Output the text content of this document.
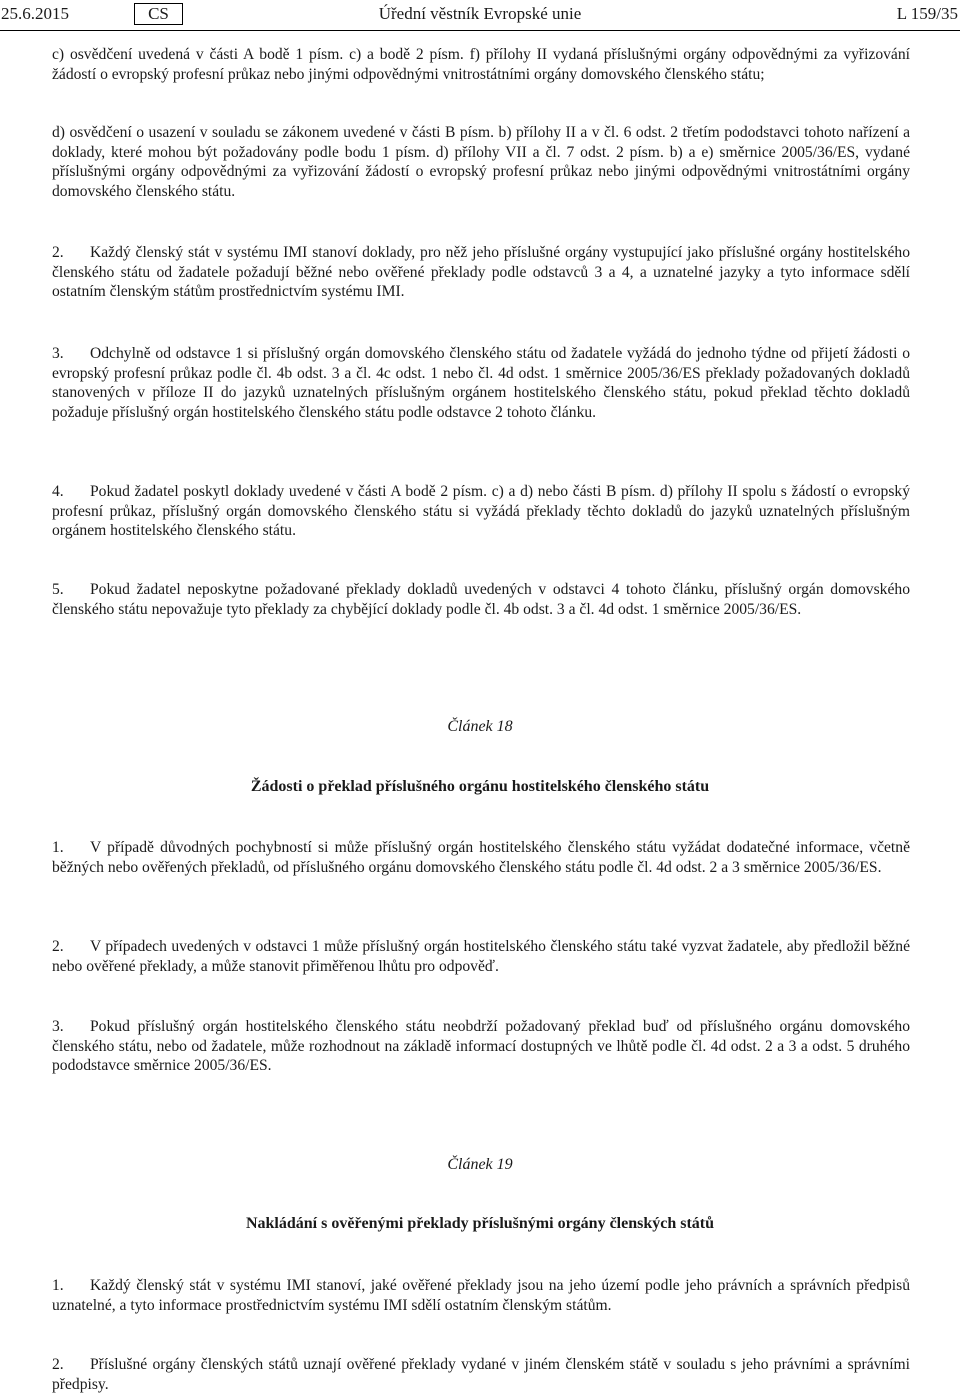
25.6.2015	CS	Úřední věstník Evropské unie	L 159/35
c) osvědčení uvedená v části A bodě 1 písm. c) a bodě 2 písm. f) přílohy II vydaná příslušnými orgány odpovědnými za vyřizování žádostí o evropský profesní průkaz nebo jinými odpovědnými vnitrostátními orgány domovského členského státu;
d) osvědčení o usazení v souladu se zákonem uvedené v části B písm. b) přílohy II a v čl. 6 odst. 2 třetím pododstavci tohoto nařízení a doklady, které mohou být požadovány podle bodu 1 písm. d) přílohy VII a čl. 7 odst. 2 písm. b) a e) směrnice 2005/36/ES, vydané příslušnými orgány odpovědnými za vyřizování žádostí o evropský profesní průkaz nebo jinými odpovědnými vnitrostátními orgány domovského členského státu.
2. Každý členský stát v systému IMI stanoví doklady, pro něž jeho příslušné orgány vystupující jako příslušné orgány hostitelského členského státu od žadatele požadují běžné nebo ověřené překlady podle odstavců 3 a 4, a uznatelné jazyky a tyto informace sdělí ostatním členským státům prostřednictvím systému IMI.
3. Odchylně od odstavce 1 si příslušný orgán domovského členského státu od žadatele vyžádá do jednoho týdne od přijetí žádosti o evropský profesní průkaz podle čl. 4b odst. 3 a čl. 4c odst. 1 nebo čl. 4d odst. 1 směrnice 2005/36/ES překlady požadovaných dokladů stanovených v příloze II do jazyků uznatelných příslušným orgánem hostitelského členského státu, pokud překlad těchto dokladů požaduje příslušný orgán hostitelského členského státu podle odstavce 2 tohoto článku.
4. Pokud žadatel poskytl doklady uvedené v části A bodě 2 písm. c) a d) nebo části B písm. d) přílohy II spolu s žádostí o evropský profesní průkaz, příslušný orgán domovského členského státu si vyžádá překlady těchto dokladů do jazyků uznatelných příslušným orgánem hostitelského členského státu.
5. Pokud žadatel neposkytne požadované překlady dokladů uvedených v odstavci 4 tohoto článku, příslušný orgán domovského členského státu nepovažuje tyto překlady za chybějící doklady podle čl. 4b odst. 3 a čl. 4d odst. 1 směrnice 2005/36/ES.
Článek 18
Žádosti o překlad příslušného orgánu hostitelského členského státu
1. V případě důvodných pochybností si může příslušný orgán hostitelského členského státu vyžádat dodatečné informace, včetně běžných nebo ověřených překladů, od příslušného orgánu domovského členského státu podle čl. 4d odst. 2 a 3 směrnice 2005/36/ES.
2. V případech uvedených v odstavci 1 může příslušný orgán hostitelského členského státu také vyzvat žadatele, aby předložil běžné nebo ověřené překlady, a může stanovit přiměřenou lhůtu pro odpověď.
3. Pokud příslušný orgán hostitelského členského státu neobdrží požadovaný překlad buď od příslušného orgánu domovského členského státu, nebo od žadatele, může rozhodnout na základě informací dostupných ve lhůtě podle čl. 4d odst. 2 a 3 a odst. 5 druhého pododstavce směrnice 2005/36/ES.
Článek 19
Nakládání s ověřenými překlady příslušnými orgány členských států
1. Každý členský stát v systému IMI stanoví, jaké ověřené překlady jsou na jeho území podle jeho právních a správních předpisů uznatelné, a tyto informace prostřednictvím systému IMI sdělí ostatním členským státům.
2. Příslušné orgány členských států uznají ověřené překlady vydané v jiném členském státě v souladu s jeho právními a správními předpisy.
